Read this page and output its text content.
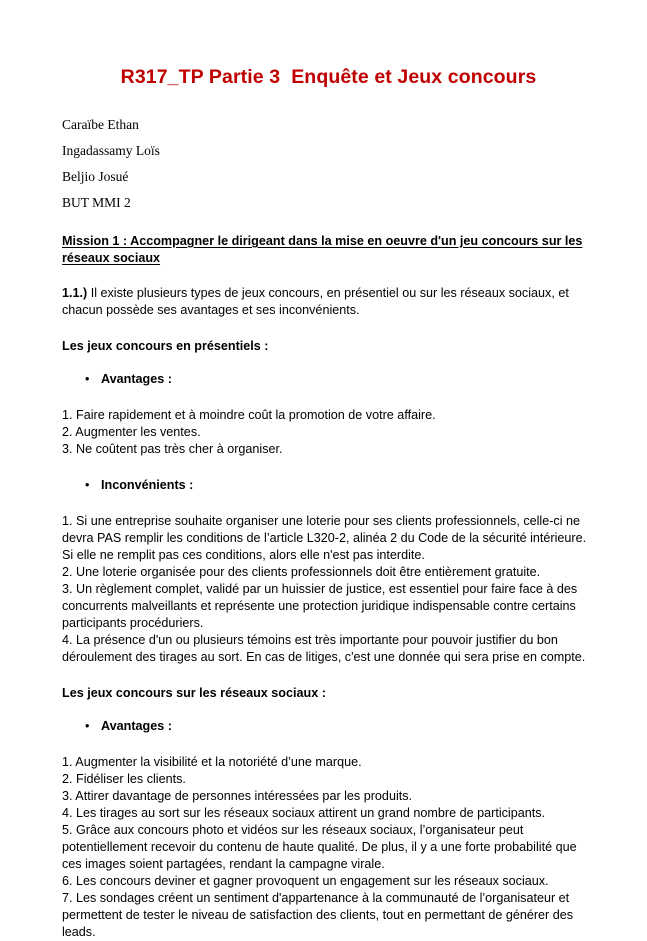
R317_TP Partie 3  Enquête et Jeux concours
Caraïbe Ethan
Ingadassamy Loïs
Beljio Josué
BUT MMI 2
Mission 1 : Accompagner le dirigeant dans la mise en oeuvre d'un jeu concours sur les réseaux sociaux

1.1.) Il existe plusieurs types de jeux concours, en présentiel ou sur les réseaux sociaux, et chacun possède ses avantages et ses inconvénients.

Les jeux concours en présentiels :
• Avantages :

1. Faire rapidement et à moindre coût la promotion de votre affaire.

2. Augmenter les ventes.

3. Ne coûtent pas très cher à organiser.

• Inconvénients :

1. Si une entreprise souhaite organiser une loterie pour ses clients professionnels, celle-ci ne devra PAS remplir les conditions de l’article L320-2, alinéa 2 du Code de la sécurité intérieure. Si elle ne remplit pas ces conditions, alors elle n'est pas interdite.

2. Une loterie organisée pour des clients professionnels doit être entièrement gratuite.

3. Un règlement complet, validé par un huissier de justice, est essentiel pour faire face à des concurrents malveillants et représente une protection juridique indispensable contre certains participants procéduriers.

4. La présence d'un ou plusieurs témoins est très importante pour pouvoir justifier du bon déroulement des tirages au sort. En cas de litiges, c'est une donnée qui sera prise en compte.

Les jeux concours sur les réseaux sociaux :
• Avantages :

1. Augmenter la visibilité et la notoriété d’une marque.

2. Fidéliser les clients.

3. Attirer davantage de personnes intéressées par les produits.

4. Les tirages au sort sur les réseaux sociaux attirent un grand nombre de participants.

5. Grâce aux concours photo et vidéos sur les réseaux sociaux, l’organisateur peut potentiellement recevoir du contenu de haute qualité. De plus, il y a une forte probabilité que ces images soient partagées, rendant la campagne virale.

6. Les concours deviner et gagner provoquent un engagement sur les réseaux sociaux.

7. Les sondages créent un sentiment d'appartenance à la communauté de l’organisateur et permettent de tester le niveau de satisfaction des clients, tout en permettant de générer des leads.
